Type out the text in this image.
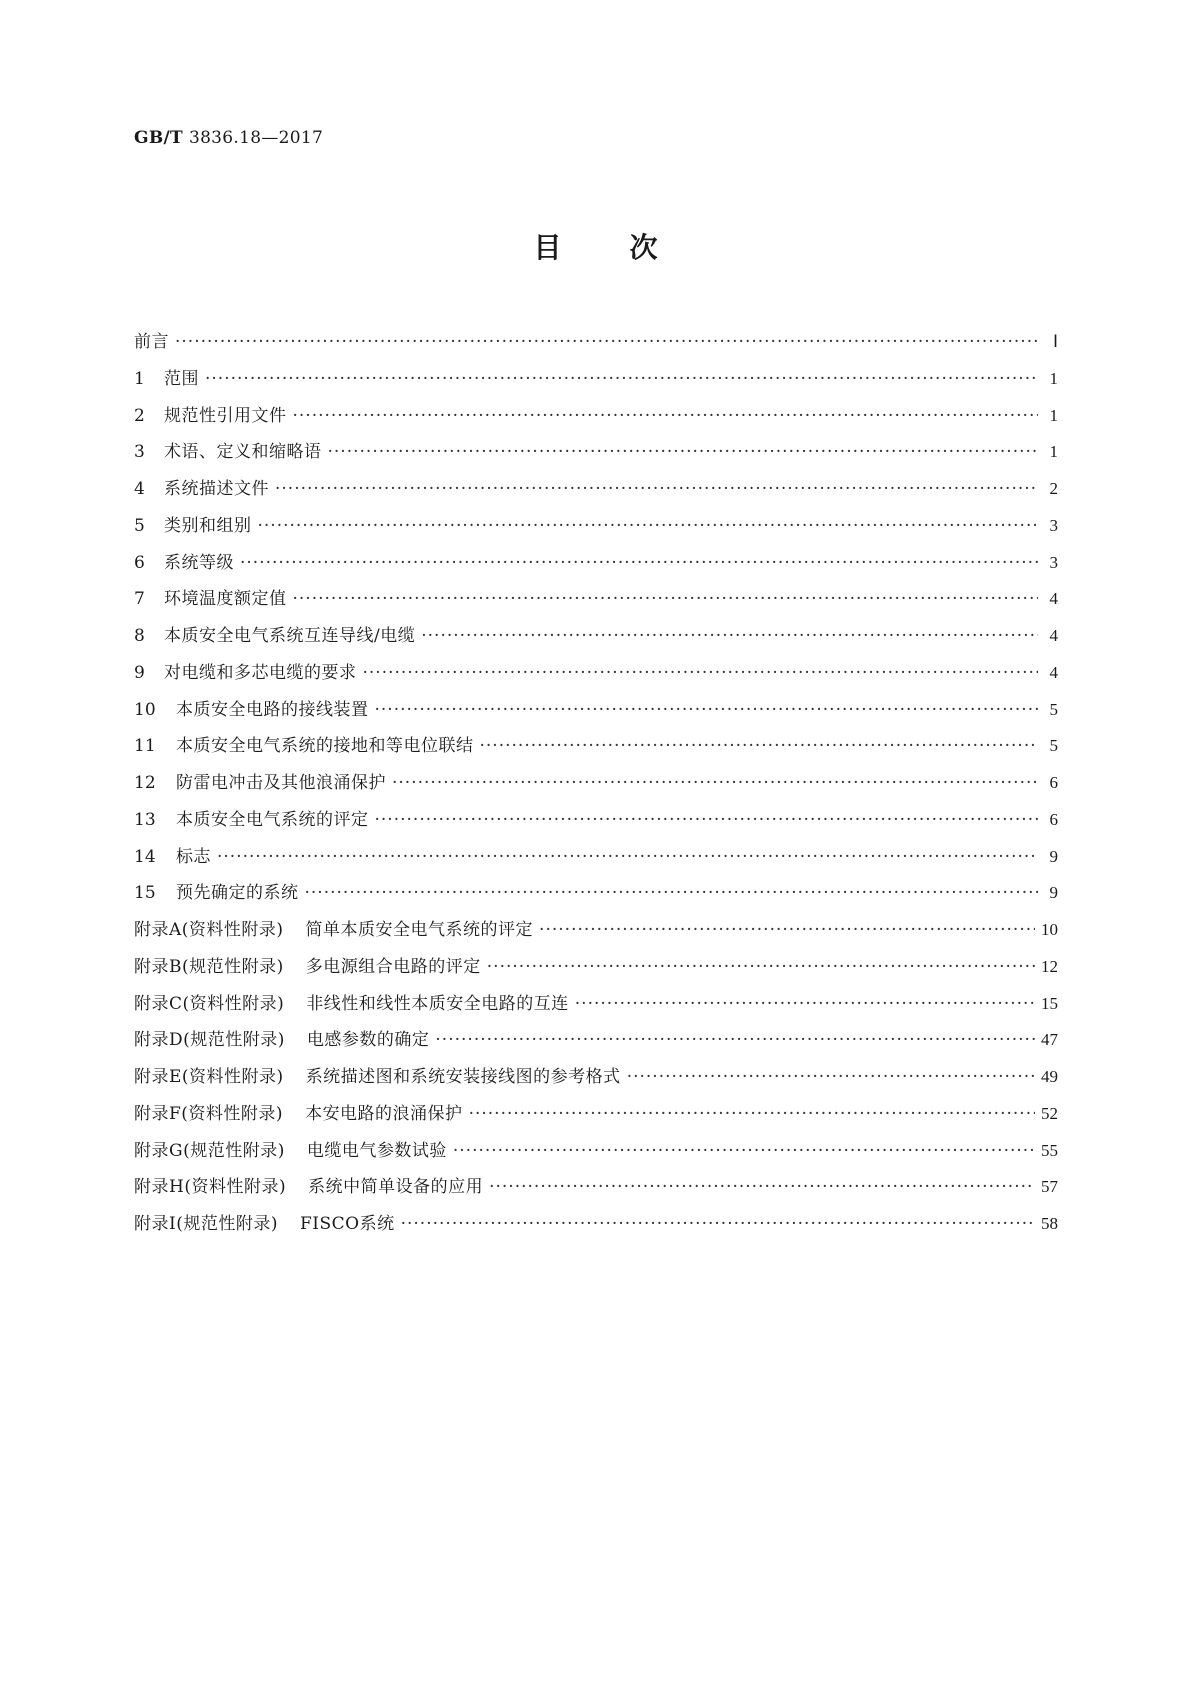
GB/T 3836.18—2017
目次
前言 ·····	Ⅰ
1	范围 ·····	1
2	规范性引用文件 ·····	1
3	术语、定义和缩略语 ·····	1
4	系统描述文件 ·····	2
5	类别和组别 ·····	3
6	系统等级 ·····	3
7	环境温度额定值 ·····	4
8	本质安全电气系统互连导线/电缆 ·····	4
9	对电缆和多芯电缆的要求 ·····	4
10	本质安全电路的接线装置 ·····	5
11	本质安全电气系统的接地和等电位联结 ·····	5
12	防雷电冲击及其他浪涌保护 ·····	6
13	本质安全电气系统的评定 ·····	6
14	标志 ·····	9
15	预先确定的系统 ·····	9
附录A(资料性附录) 简单本质安全电气系统的评定 ·····	10
附录B(规范性附录) 多电源组合电路的评定 ·····	12
附录C(资料性附录) 非线性和线性本质安全电路的互连 ·····	15
附录D(规范性附录) 电感参数的确定 ·····	47
附录E(资料性附录) 系统描述图和系统安装接线图的参考格式 ·····	49
附录F(资料性附录) 本安电路的浪涌保护 ·····	52
附录G(规范性附录) 电缆电气参数试验 ·····	55
附录H(资料性附录) 系统中简单设备的应用 ·····	57
附录I(规范性附录) FISCO系统 ·····	58
